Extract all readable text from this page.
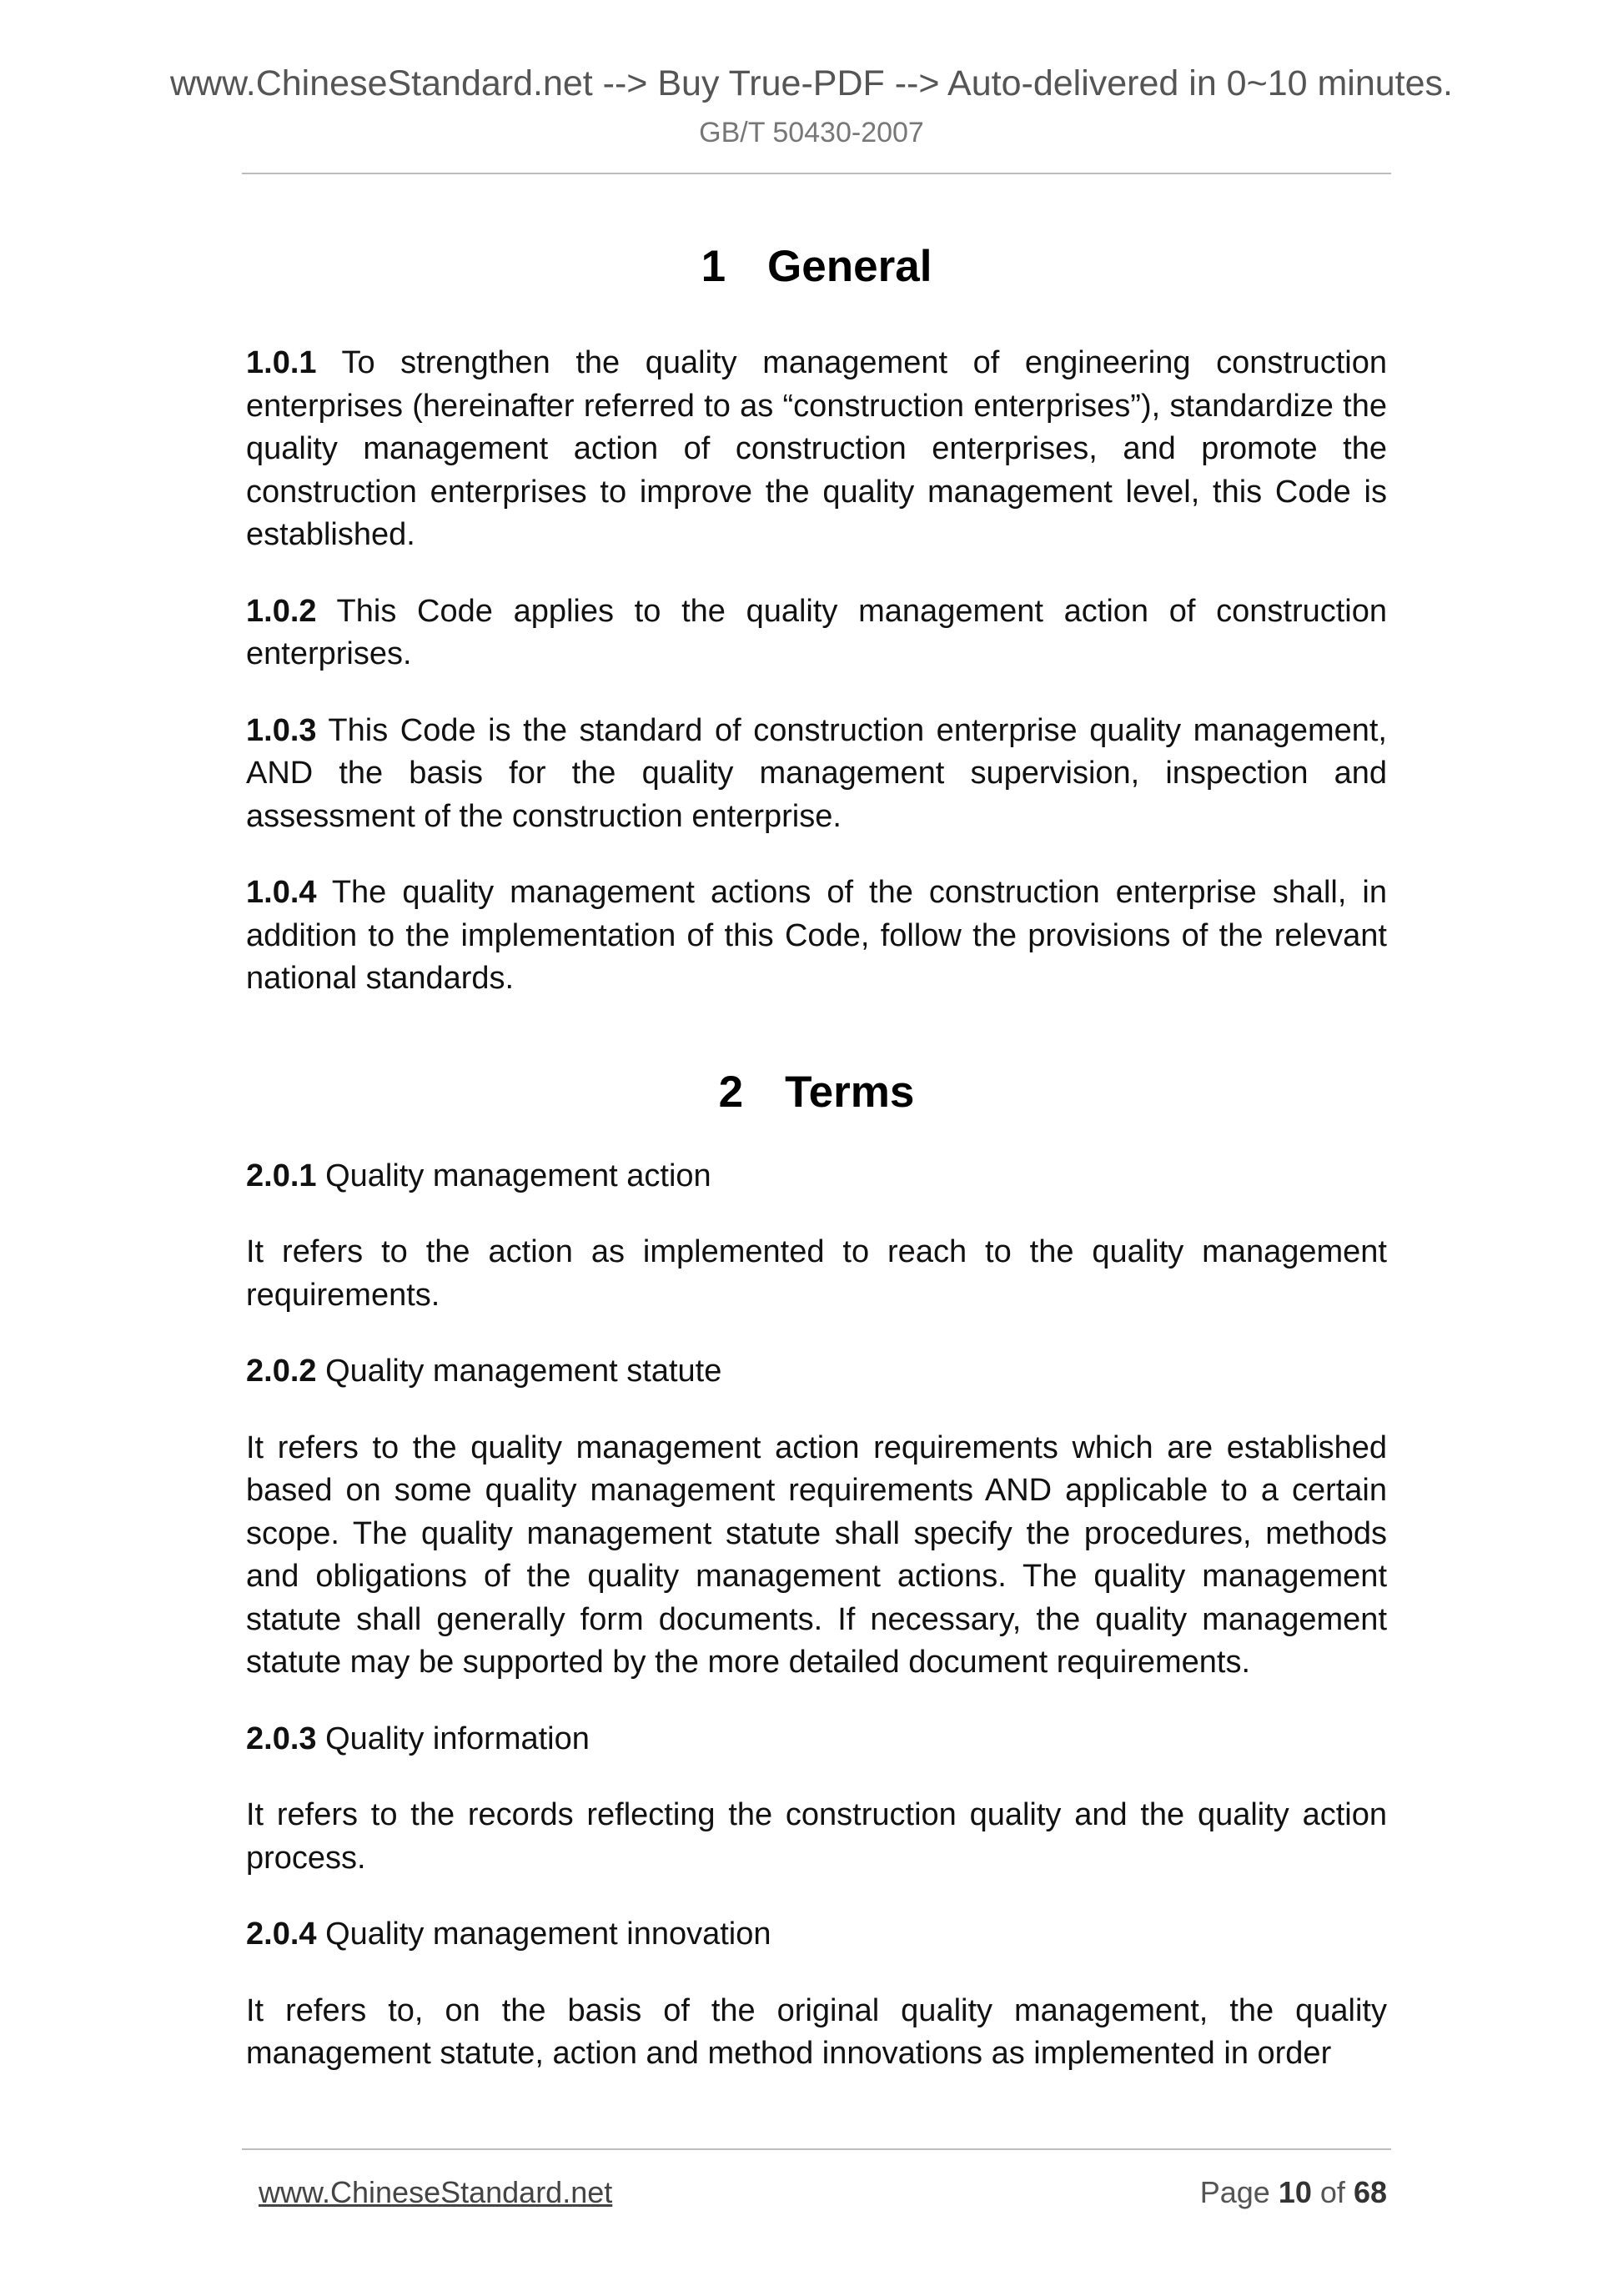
www.ChineseStandard.net --> Buy True-PDF --> Auto-delivered in 0~10 minutes.
GB/T 50430-2007
1 General

1.0.1 To strengthen the quality management of engineering construction enterprises (hereinafter referred to as “construction enterprises”), standardize the quality management action of construction enterprises, and promote the construction enterprises to improve the quality management level, this Code is established.

1.0.2 This Code applies to the quality management action of construction enterprises.

1.0.3 This Code is the standard of construction enterprise quality management, AND the basis for the quality management supervision, inspection and assessment of the construction enterprise.

1.0.4 The quality management actions of the construction enterprise shall, in addition to the implementation of this Code, follow the provisions of the relevant national standards.

2 Terms

2.0.1 Quality management action

It refers to the action as implemented to reach to the quality management requirements.

2.0.2 Quality management statute

It refers to the quality management action requirements which are established based on some quality management requirements AND applicable to a certain scope. The quality management statute shall specify the procedures, methods and obligations of the quality management actions. The quality management statute shall generally form documents. If necessary, the quality management statute may be supported by the more detailed document requirements.

2.0.3 Quality information

It refers to the records reflecting the construction quality and the quality action process.

2.0.4 Quality management innovation

It refers to, on the basis of the original quality management, the quality management statute, action and method innovations as implemented in order

www.ChineseStandard.net	Page 10 of 68
